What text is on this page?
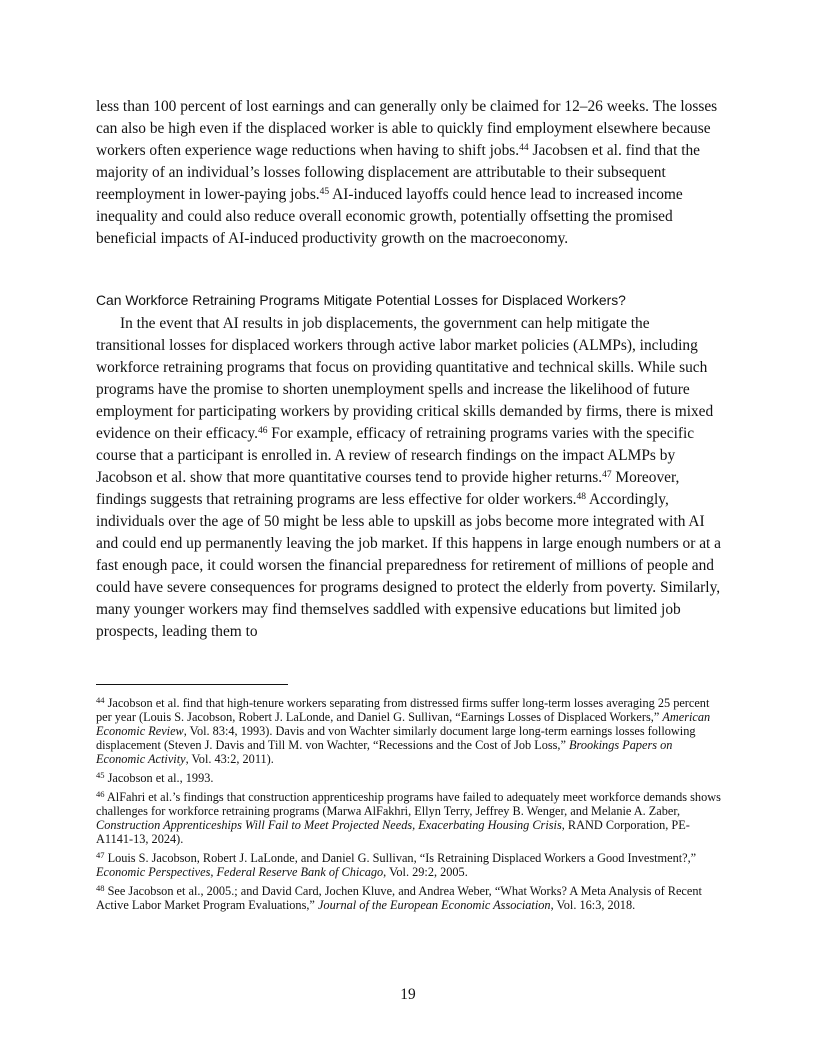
less than 100 percent of lost earnings and can generally only be claimed for 12–26 weeks. The losses can also be high even if the displaced worker is able to quickly find employment elsewhere because workers often experience wage reductions when having to shift jobs.$^{44}$ Jacobsen et al. find that the majority of an individual’s losses following displacement are attributable to their subsequent reemployment in lower-paying jobs.$^{45}$ AI-induced layoffs could hence lead to increased income inequality and could also reduce overall economic growth, potentially offsetting the promised beneficial impacts of AI-induced productivity growth on the macroeconomy.

Can Workforce Retraining Programs Mitigate Potential Losses for Displaced Workers?

In the event that AI results in job displacements, the government can help mitigate the transitional losses for displaced workers through active labor market policies (ALMPs), including workforce retraining programs that focus on providing quantitative and technical skills. While such programs have the promise to shorten unemployment spells and increase the likelihood of future employment for participating workers by providing critical skills demanded by firms, there is mixed evidence on their efficacy.$^{46}$ For example, efficacy of retraining programs varies with the specific course that a participant is enrolled in. A review of research findings on the impact ALMPs by Jacobson et al. show that more quantitative courses tend to provide higher returns.$^{47}$ Moreover, findings suggests that retraining programs are less effective for older workers.$^{48}$ Accordingly, individuals over the age of 50 might be less able to upskill as jobs become more integrated with AI and could end up permanently leaving the job market. If this happens in large enough numbers or at a fast enough pace, it could worsen the financial preparedness for retirement of millions of people and could have severe consequences for programs designed to protect the elderly from poverty. Similarly, many younger workers may find themselves saddled with expensive educations but limited job prospects, leading them to

$^{44}$ Jacobson et al. find that high-tenure workers separating from distressed firms suffer long-term losses averaging 25 percent per year (Louis S. Jacobson, Robert J. LaLonde, and Daniel G. Sullivan, “Earnings Losses of Displaced Workers,” American Economic Review, Vol. 83:4, 1993). Davis and von Wachter similarly document large long-term earnings losses following displacement (Steven J. Davis and Till M. von Wachter, “Recessions and the Cost of Job Loss,” Brookings Papers on Economic Activity, Vol. 43:2, 2011).

$^{45}$ Jacobson et al., 1993.

$^{46}$ AlFahri et al.’s findings that construction apprenticeship programs have failed to adequately meet workforce demands shows challenges for workforce retraining programs (Marwa AlFakhri, Ellyn Terry, Jeffrey B. Wenger, and Melanie A. Zaber, Construction Apprenticeships Will Fail to Meet Projected Needs, Exacerbating Housing Crisis, RAND Corporation, PE-A1141-13, 2024).

$^{47}$ Louis S. Jacobson, Robert J. LaLonde, and Daniel G. Sullivan, “Is Retraining Displaced Workers a Good Investment?,” Economic Perspectives, Federal Reserve Bank of Chicago, Vol. 29:2, 2005.

$^{48}$ See Jacobson et al., 2005.; and David Card, Jochen Kluve, and Andrea Weber, “What Works? A Meta Analysis of Recent Active Labor Market Program Evaluations,” Journal of the European Economic Association, Vol. 16:3, 2018.

19
